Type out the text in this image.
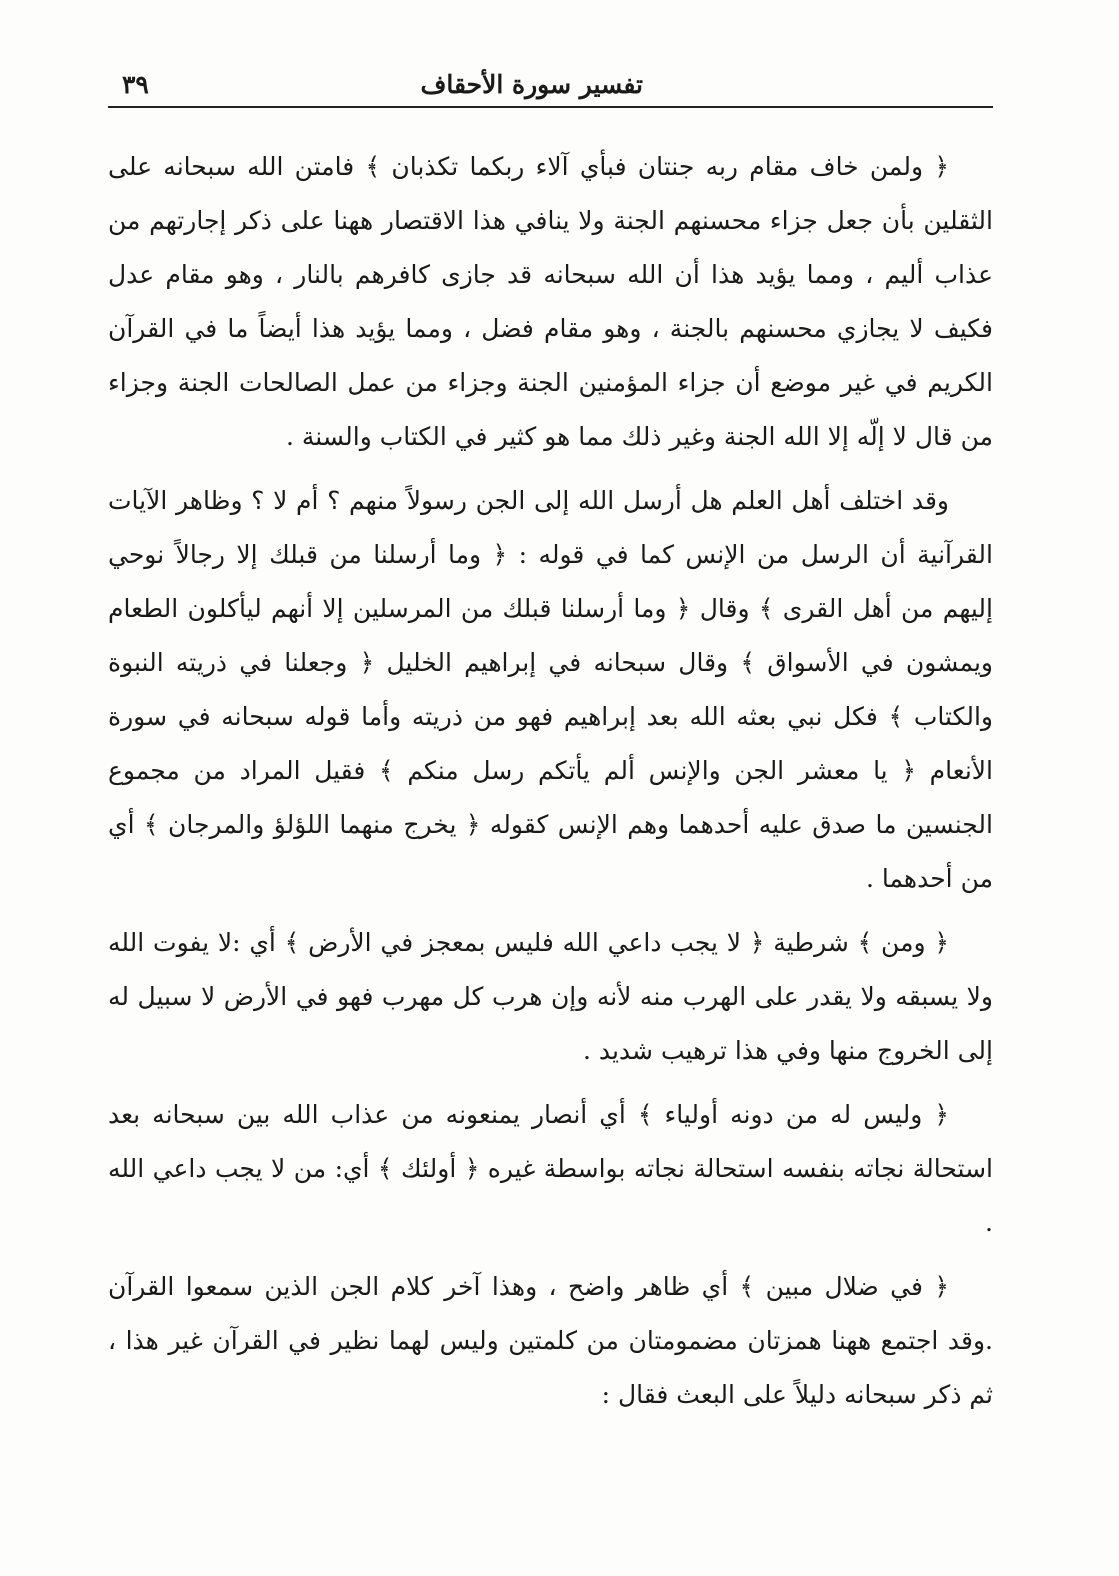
تفسير سورة الأحقاف
٣٩

﴿ ولمن خاف مقام ربه جنتان فبأي آلاء ربكما تكذبان ﴾ فامتن الله سبحانه على الثقلين بأن جعل جزاء محسنهم الجنة ولا ينافي هذا الاقتصار ههنا على ذكر إجارتهم من عذاب أليم ، ومما يؤيد هذا أن الله سبحانه قد جازى كافرهم بالنار ، وهو مقام عدل فكيف لا يجازي محسنهم بالجنة ، وهو مقام فضل ، ومما يؤيد هذا أيضاً ما في القرآن الكريم في غير موضع أن جزاء المؤمنين الجنة وجزاء من عمل الصالحات الجنة وجزاء من قال لا إلّه إلا الله الجنة وغير ذلك مما هو كثير في الكتاب والسنة .

وقد اختلف أهل العلم هل أرسل الله إلى الجن رسولاً منهم ؟ أم لا ؟ وظاهر الآيات القرآنية أن الرسل من الإنس كما في قوله : ﴿ وما أرسلنا من قبلك إلا رجالاً نوحي إليهم من أهل القرى ﴾ وقال ﴿ وما أرسلنا قبلك من المرسلين إلا أنهم ليأكلون الطعام ويمشون في الأسواق ﴾ وقال سبحانه في إبراهيم الخليل ﴿ وجعلنا في ذريته النبوة والكتاب ﴾ فكل نبي بعثه الله بعد إبراهيم فهو من ذريته وأما قوله سبحانه في سورة الأنعام ﴿ يا معشر الجن والإنس ألم يأتكم رسل منكم ﴾ فقيل المراد من مجموع الجنسين ما صدق عليه أحدهما وهم الإنس كقوله ﴿ يخرج منهما اللؤلؤ والمرجان ﴾ أي من أحدهما .

﴿ ومن ﴾ شرطية ﴿ لا يجب داعي الله فليس بمعجز في الأرض ﴾ أي :لا يفوت الله ولا يسبقه ولا يقدر على الهرب منه لأنه وإن هرب كل مهرب فهو في الأرض لا سبيل له إلى الخروج منها وفي هذا ترهيب شديد .

﴿ وليس له من دونه أولياء ﴾ أي أنصار يمنعونه من عذاب الله بين سبحانه بعد استحالة نجاته بنفسه استحالة نجاته بواسطة غيره ﴿ أولئك ﴾ أي: من لا يجب داعي الله .

﴿ في ضلال مبين ﴾ أي ظاهر واضح ، وهذا آخر كلام الجن الذين سمعوا القرآن .وقد اجتمع ههنا همزتان مضمومتان من كلمتين وليس لهما نظير في القرآن غير هذا ، ثم ذكر سبحانه دليلاً على البعث فقال :
